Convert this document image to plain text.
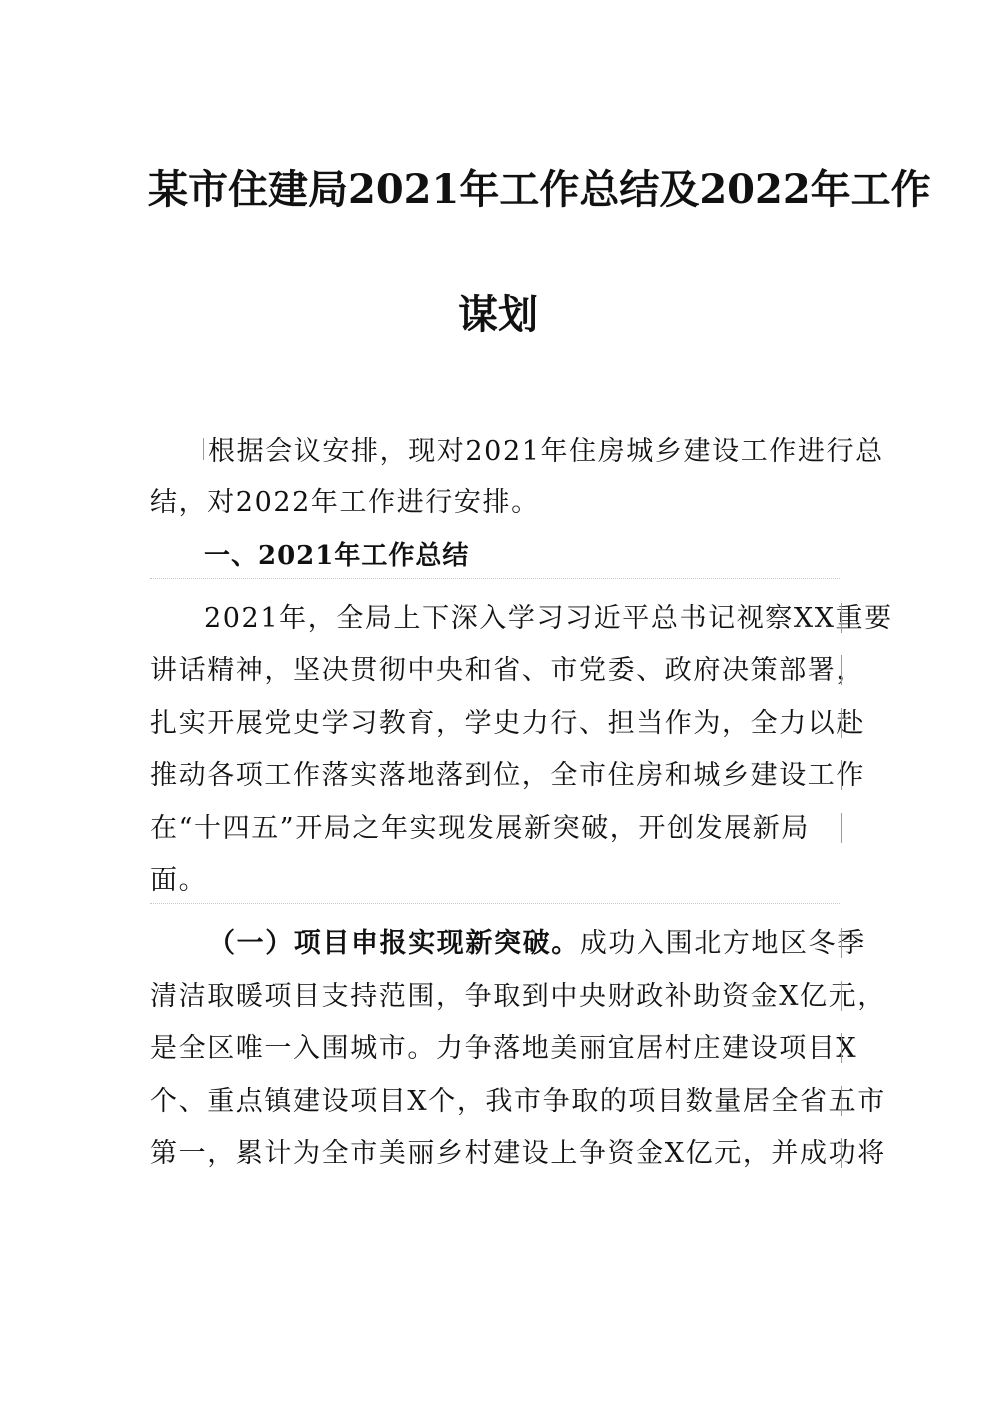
某市住建局2021年工作总结及2022年工作
谋划
根据会议安排，现对2021年住房城乡建设工作进行总
结，对2022年工作进行安排。
一、2021年工作总结
2021年，全局上下深入学习习近平总书记视察XX重要
讲话精神，坚决贯彻中央和省、市党委、政府决策部署，
扎实开展党史学习教育，学史力行、担当作为，全力以赴
推动各项工作落实落地落到位，全市住房和城乡建设工作
在“十四五”开局之年实现发展新突破，开创发展新局
面。
（一）项目申报实现新突破。成功入围北方地区冬季
清洁取暖项目支持范围，争取到中央财政补助资金X亿元，
是全区唯一入围城市。力争落地美丽宜居村庄建设项目X
个、重点镇建设项目X个，我市争取的项目数量居全省五市
第一，累计为全市美丽乡村建设上争资金X亿元，并成功将
